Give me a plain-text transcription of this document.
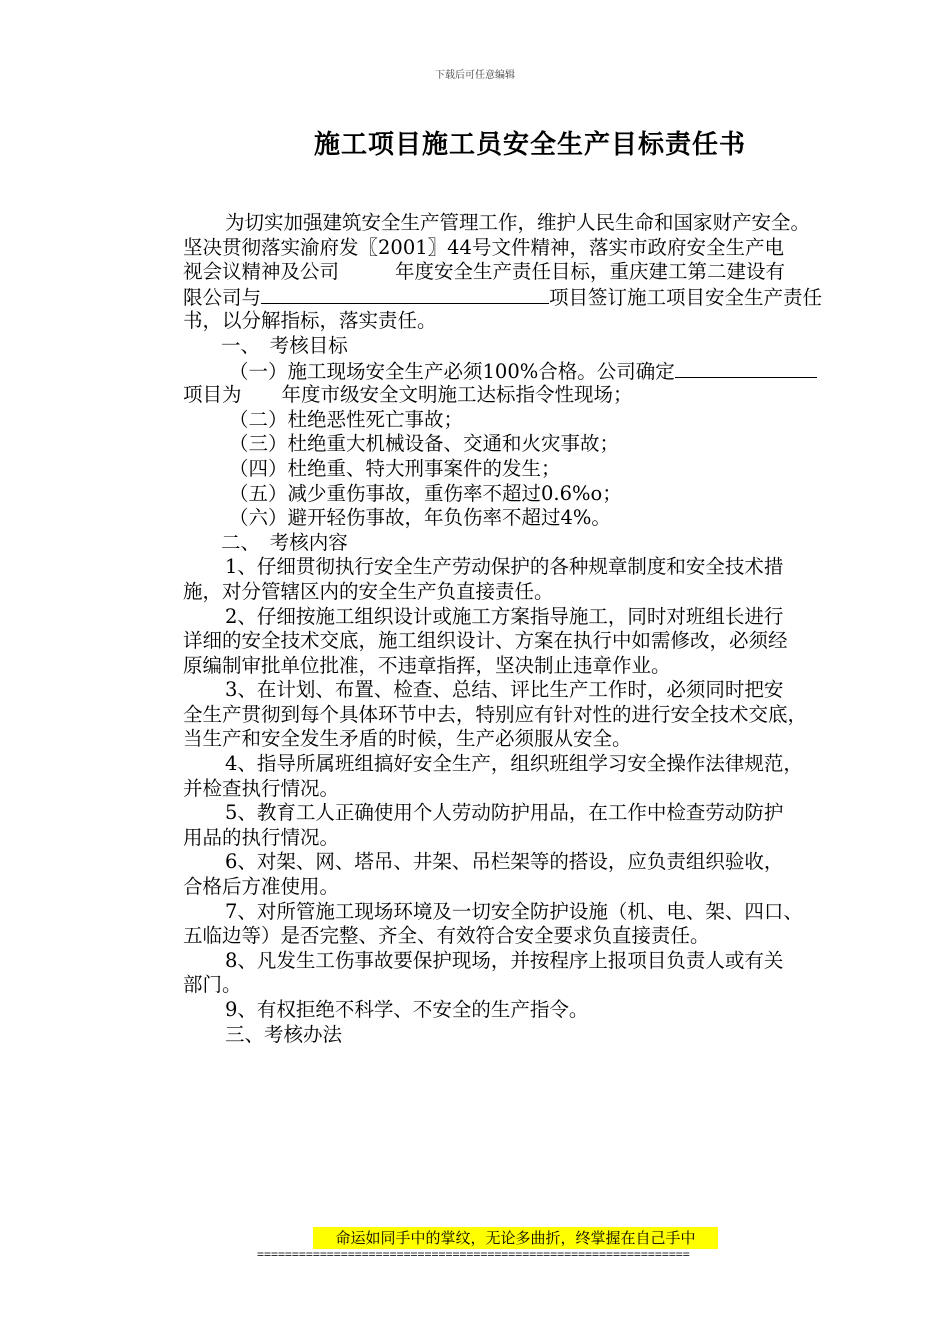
下载后可任意编辑
施工项目施工员安全生产目标责任书
为切实加强建筑安全生产管理工作，维护人民生命和国家财产安全。
坚决贯彻落实渝府发〖2001〗44号文件精神，落实市政府安全生产电
视会议精神及公司	年度安全生产责任目标，重庆建工第二建设有
限公司与	项目签订施工项目安全生产责任
书，以分解指标，落实责任。
一、　考核目标
（一）施工现场安全生产必须100%合格。公司确定
项目为 年度市级安全文明施工达标指令性现场；
（二）杜绝恶性死亡事故；
（三）杜绝重大机械设备、交通和火灾事故；
（四）杜绝重、特大刑事案件的发生；
（五）减少重伤事故，重伤率不超过0.6%o；
（六）避开轻伤事故，年负伤率不超过4%。
二、　考核内容
1、仔细贯彻执行安全生产劳动保护的各种规章制度和安全技术措
施，对分管辖区内的安全生产负直接责任。
2、仔细按施工组织设计或施工方案指导施工，同时对班组长进行
详细的安全技术交底，施工组织设计、方案在执行中如需修改，必须经
原编制审批单位批准，不违章指挥，坚决制止违章作业。
3、在计划、布置、检查、总结、评比生产工作时，必须同时把安
全生产贯彻到每个具体环节中去，特别应有针对性的进行安全技术交底，
当生产和安全发生矛盾的时候，生产必须服从安全。
4、指导所属班组搞好安全生产，组织班组学习安全操作法律规范，
并检查执行情况。
5、教育工人正确使用个人劳动防护用品，在工作中检查劳动防护
用品的执行情况。
6、对架、网、塔吊、井架、吊栏架等的搭设，应负责组织验收，
合格后方准使用。
7、对所管施工现场环境及一切安全防护设施（机、电、架、四口、
五临边等）是否完整、齐全、有效符合安全要求负直接责任。
8、凡发生工伤事故要保护现场，并按程序上报项目负责人或有关
部门。
9、有权拒绝不科学、不安全的生产指令。
三、考核办法
命运如同手中的掌纹，无论多曲折，终掌握在自己手中
==============================================================
